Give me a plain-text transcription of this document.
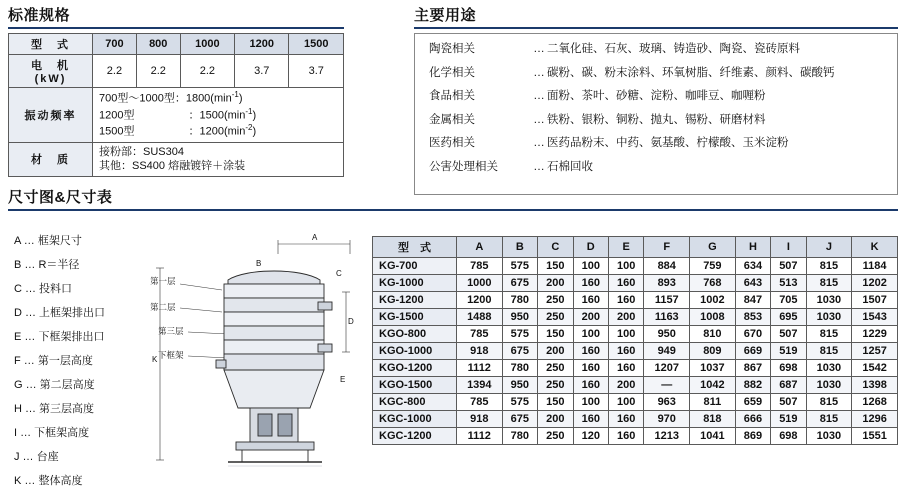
标准规格
型　式	700	800	1000	1200	1500

电　机
(kW)	2.2	2.2	2.2	3.7	3.7
振动频率	700型～1000型：$1800(\min^{-1})$
1200型 ：$1500(\min^{-1})$
1500型 ：$1200(\min^{-2})$				

材　质	接粉部：SUS304
其他：SS400 熔融镀锌＋涂装				
主要用途
陶瓷相关	… 二氧化硅、石灰、玻璃、铸造砂、陶瓷、瓷砖原料
化学相关	… 碳粉、碳、粉末涂料、环氧树脂、纤维素、颜料、碳酸钙
食品相关	… 面粉、茶叶、砂糖、淀粉、咖啡豆、咖喱粉
金属相关	… 铁粉、银粉、铜粉、抛丸、锡粉、研磨材料
医药相关	… 医药品粉末、中药、氨基酸、柠檬酸、玉米淀粉
公害处理相关	… 石棉回收
尺寸图&尺寸表
A … 框架尺寸
B … R＝半径
C … 投料口
D … 上框架排出口
E … 下框架排出口
F … 第一层高度
G … 第二层高度
H … 第三层高度
I … 下框架高度
J … 台座
K … 整体高度
A
B
C
D
E
K
第一层
第二层
第三层
下框架
型　式	A	B	C	D	E	F	G	H	I	J	K
KG-700	785	575	150	100	100	884	759	634	507	815	1184
KG-1000	1000	675	200	160	160	893	768	643	513	815	1202
KG-1200	1200	780	250	160	160	1157	1002	847	705	1030	1507
KG-1500	1488	950	250	200	200	1163	1008	853	695	1030	1543
KGO-800	785	575	150	100	100	950	810	670	507	815	1229
KGO-1000	918	675	200	160	160	949	809	669	519	815	1257
KGO-1200	1112	780	250	160	160	1207	1037	867	698	1030	1542
KGO-1500	1394	950	250	160	200	—	1042	882	687	1030	1398
KGC-800	785	575	150	100	100	963	811	659	507	815	1268
KGC-1000	918	675	200	160	160	970	818	666	519	815	1296
KGC-1200	1112	780	250	120	160	1213	1041	869	698	1030	1551
